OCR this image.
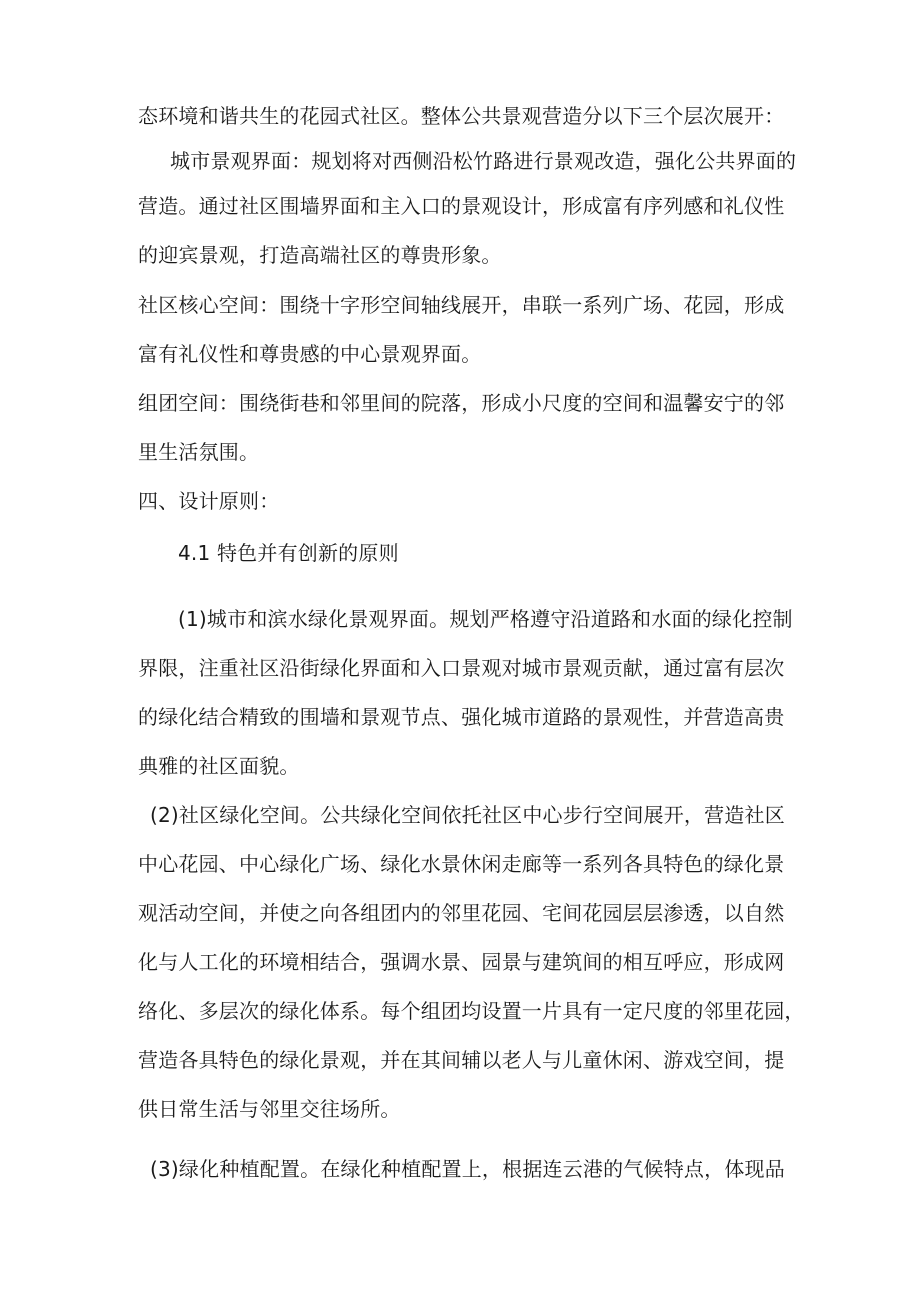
态环境和谐共生的花园式社区。整体公共景观营造分以下三个层次展开：
城市景观界面：规划将对西侧沿松竹路进行景观改造，强化公共界面的
营造。通过社区围墙界面和主入口的景观设计，形成富有序列感和礼仪性
的迎宾景观，打造高端社区的尊贵形象。
社区核心空间：围绕十字形空间轴线展开，串联一系列广场、花园，形成
富有礼仪性和尊贵感的中心景观界面。
组团空间：围绕街巷和邻里间的院落，形成小尺度的空间和温馨安宁的邻
里生活氛围。
四、设计原则：
4.1 特色并有创新的原则
(1)城市和滨水绿化景观界面。规划严格遵守沿道路和水面的绿化控制
界限，注重社区沿街绿化界面和入口景观对城市景观贡献，通过富有层次
的绿化结合精致的围墙和景观节点、强化城市道路的景观性，并营造高贵
典雅的社区面貌。
(2)社区绿化空间。公共绿化空间依托社区中心步行空间展开，营造社区
中心花园、中心绿化广场、绿化水景休闲走廊等一系列各具特色的绿化景
观活动空间，并使之向各组团内的邻里花园、宅间花园层层渗透，以自然
化与人工化的环境相结合，强调水景、园景与建筑间的相互呼应，形成网
络化、多层次的绿化体系。每个组团均设置一片具有一定尺度的邻里花园，
营造各具特色的绿化景观，并在其间辅以老人与儿童休闲、游戏空间，提
供日常生活与邻里交往场所。
(3)绿化种植配置。在绿化种植配置上，根据连云港的气候特点，体现品
